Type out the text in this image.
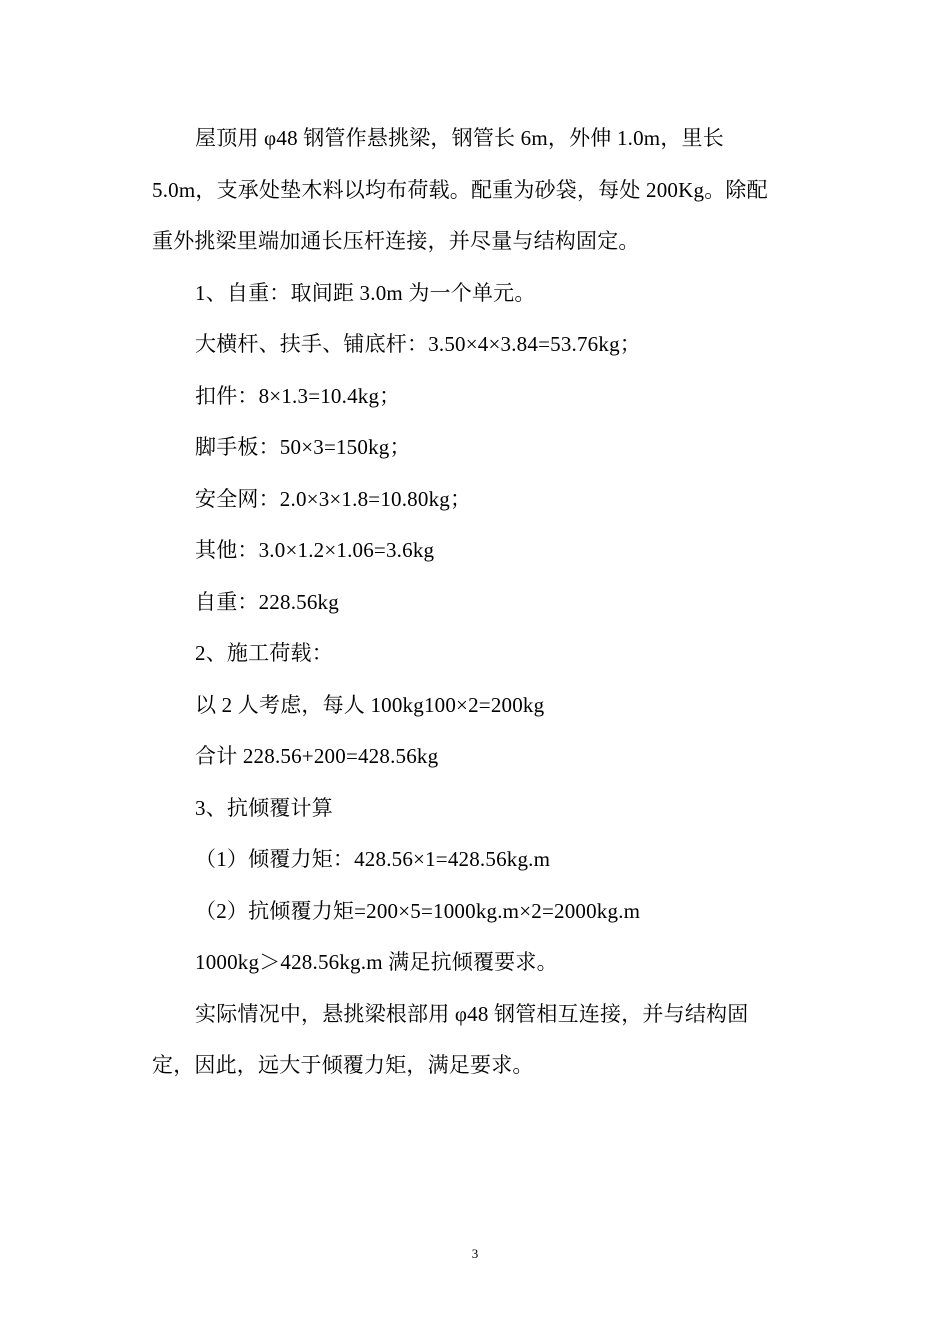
屋顶用 φ48 钢管作悬挑梁，钢管长 6m，外伸 1.0m，里长
5.0m，支承处垫木料以均布荷载。配重为砂袋，每处 200Kg。除配
重外挑梁里端加通长压杆连接，并尽量与结构固定。
1、自重：取间距 3.0m 为一个单元。
大横杆、扶手、铺底杆：3.50×4×3.84=53.76kg；
扣件：8×1.3=10.4kg；
脚手板：50×3=150kg；
安全网：2.0×3×1.8=10.80kg；
其他：3.0×1.2×1.06=3.6kg
自重：228.56kg
2、施工荷载：
以 2 人考虑，每人 100kg100×2=200kg
合计 228.56+200=428.56kg
3、抗倾覆计算
（1）倾覆力矩：428.56×1=428.56kg.m
（2）抗倾覆力矩=200×5=1000kg.m×2=2000kg.m
1000kg＞428.56kg.m 满足抗倾覆要求。
实际情况中，悬挑梁根部用 φ48 钢管相互连接，并与结构固
定，因此，远大于倾覆力矩，满足要求。
3
